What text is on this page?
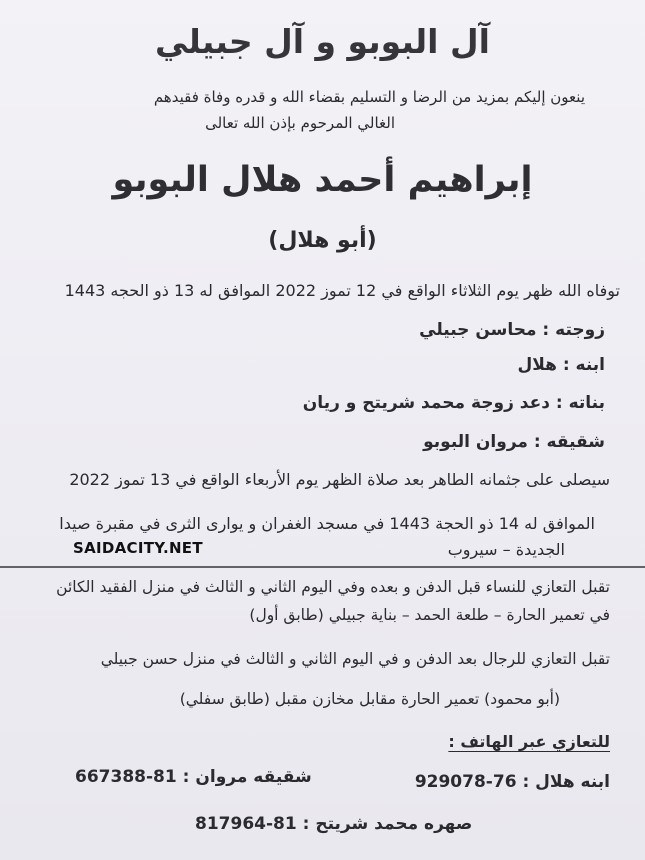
آل البوبو و آل جبيلي
ينعون إليكم بمزيد من الرضا و التسليم بقضاء الله و قدره وفاة فقيدهم
الغالي المرحوم بإذن الله تعالى
إبراهيم أحمد هلال البوبو
(أبو هلال)
توفاه الله ظهر يوم الثلاثاء الواقع في 12 تموز 2022 الموافق له 13 ذو الحجه 1443
زوجته : محاسن جبيلي
ابنه : هلال
بناته : دعد زوجة محمد شريتح و ريان
شقيقه : مروان البوبو
سيصلى على جثمانه الطاهر بعد صلاة الظهر يوم الأربعاء الواقع في 13 تموز 2022
الموافق له 14 ذو الحجة 1443 في مسجد الغفران و يوارى الثرى في مقبرة صيدا
الجديدة – سيروب
SAIDACITY.NET
تقبل التعازي للنساء قبل الدفن و بعده وفي اليوم الثاني و الثالث في منزل الفقيد الكائن
في تعمير الحارة – طلعة الحمد – بناية جبيلي (طابق أول)
تقبل التعازي للرجال بعد الدفن و في اليوم الثاني و الثالث في منزل حسن جبيلي
(أبو محمود) تعمير الحارة مقابل مخازن مقبل (طابق سفلي)
للتعازي عبر الهاتف :
ابنه هلال : 76-929078
شقيقه مروان : 81-667388
صهره محمد شريتح : 81-817964
